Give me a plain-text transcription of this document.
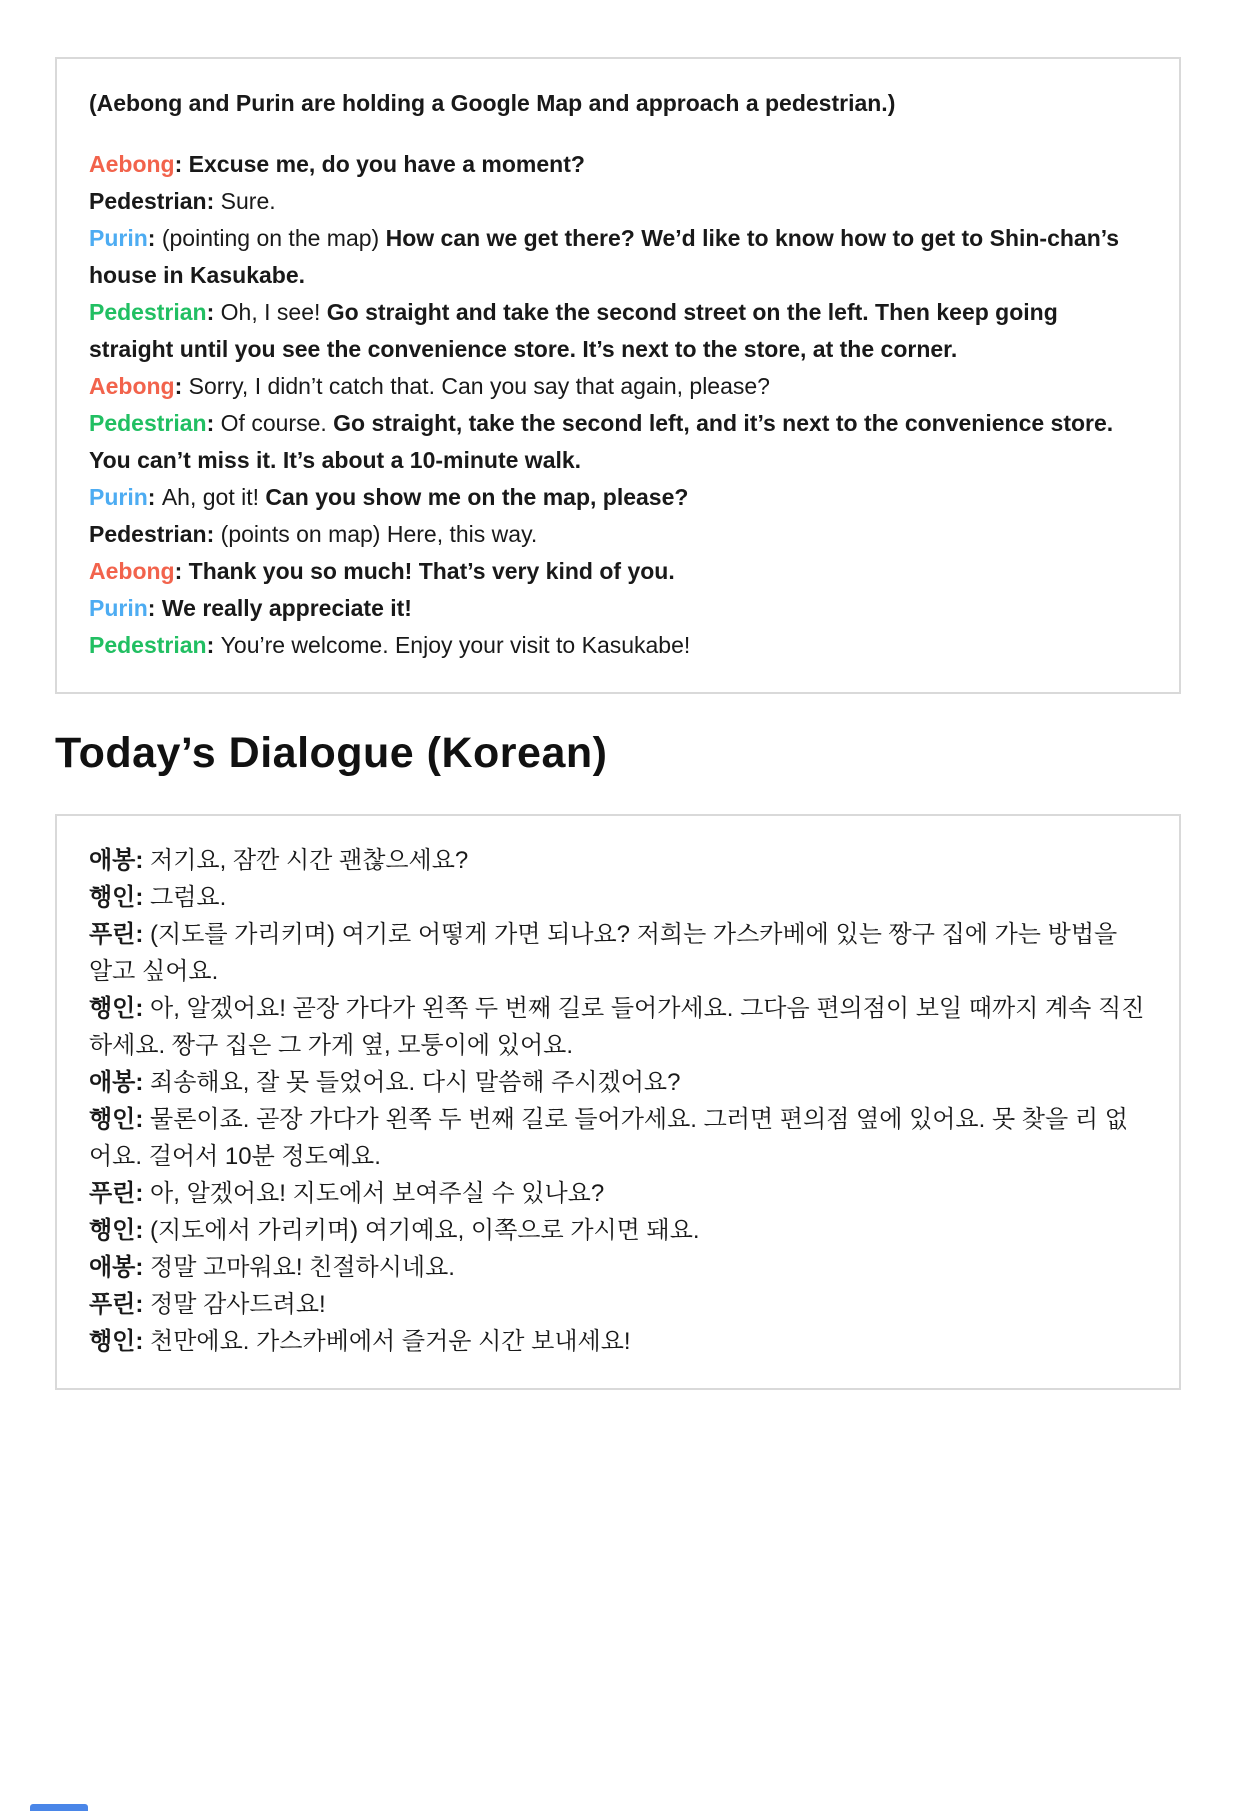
(Aebong and Purin are holding a Google Map and approach a pedestrian.)

Aebong: Excuse me, do you have a moment?

Pedestrian: Sure.

Purin: (pointing on the map) How can we get there? We’d like to know how to get to Shin-chan’s house in Kasukabe.

Pedestrian: Oh, I see! Go straight and take the second street on the left. Then keep going straight until you see the convenience store. It’s next to the store, at the corner.

Aebong: Sorry, I didn’t catch that. Can you say that again, please?

Pedestrian: Of course. Go straight, take the second left, and it’s next to the convenience store. You can’t miss it. It’s about a 10-minute walk.

Purin: Ah, got it! Can you show me on the map, please?

Pedestrian: (points on map) Here, this way.

Aebong: Thank you so much! That’s very kind of you.

Purin: We really appreciate it!

Pedestrian: You’re welcome. Enjoy your visit to Kasukabe!

Today’s Dialogue (Korean)

애봉: 저기요, 잠깐 시간 괜찮으세요?

행인: 그럼요.

푸린: (지도를 가리키며) 여기로 어떻게 가면 되나요? 저희는 가스카베에 있는 짱구 집에 가는 방법을 알고 싶어요.

행인: 아, 알겠어요! 곧장 가다가 왼쪽 두 번째 길로 들어가세요. 그다음 편의점이 보일 때까지 계속 직진하세요. 짱구 집은 그 가게 옆, 모퉁이에 있어요.

애봉: 죄송해요, 잘 못 들었어요. 다시 말씀해 주시겠어요?

행인: 물론이죠. 곧장 가다가 왼쪽 두 번째 길로 들어가세요. 그러면 편의점 옆에 있어요. 못 찾을 리 없어요. 걸어서 10분 정도예요.

푸린: 아, 알겠어요! 지도에서 보여주실 수 있나요?

행인: (지도에서 가리키며) 여기예요, 이쪽으로 가시면 돼요.

애봉: 정말 고마워요! 친절하시네요.

푸린: 정말 감사드려요!

행인: 천만에요. 가스카베에서 즐거운 시간 보내세요!
